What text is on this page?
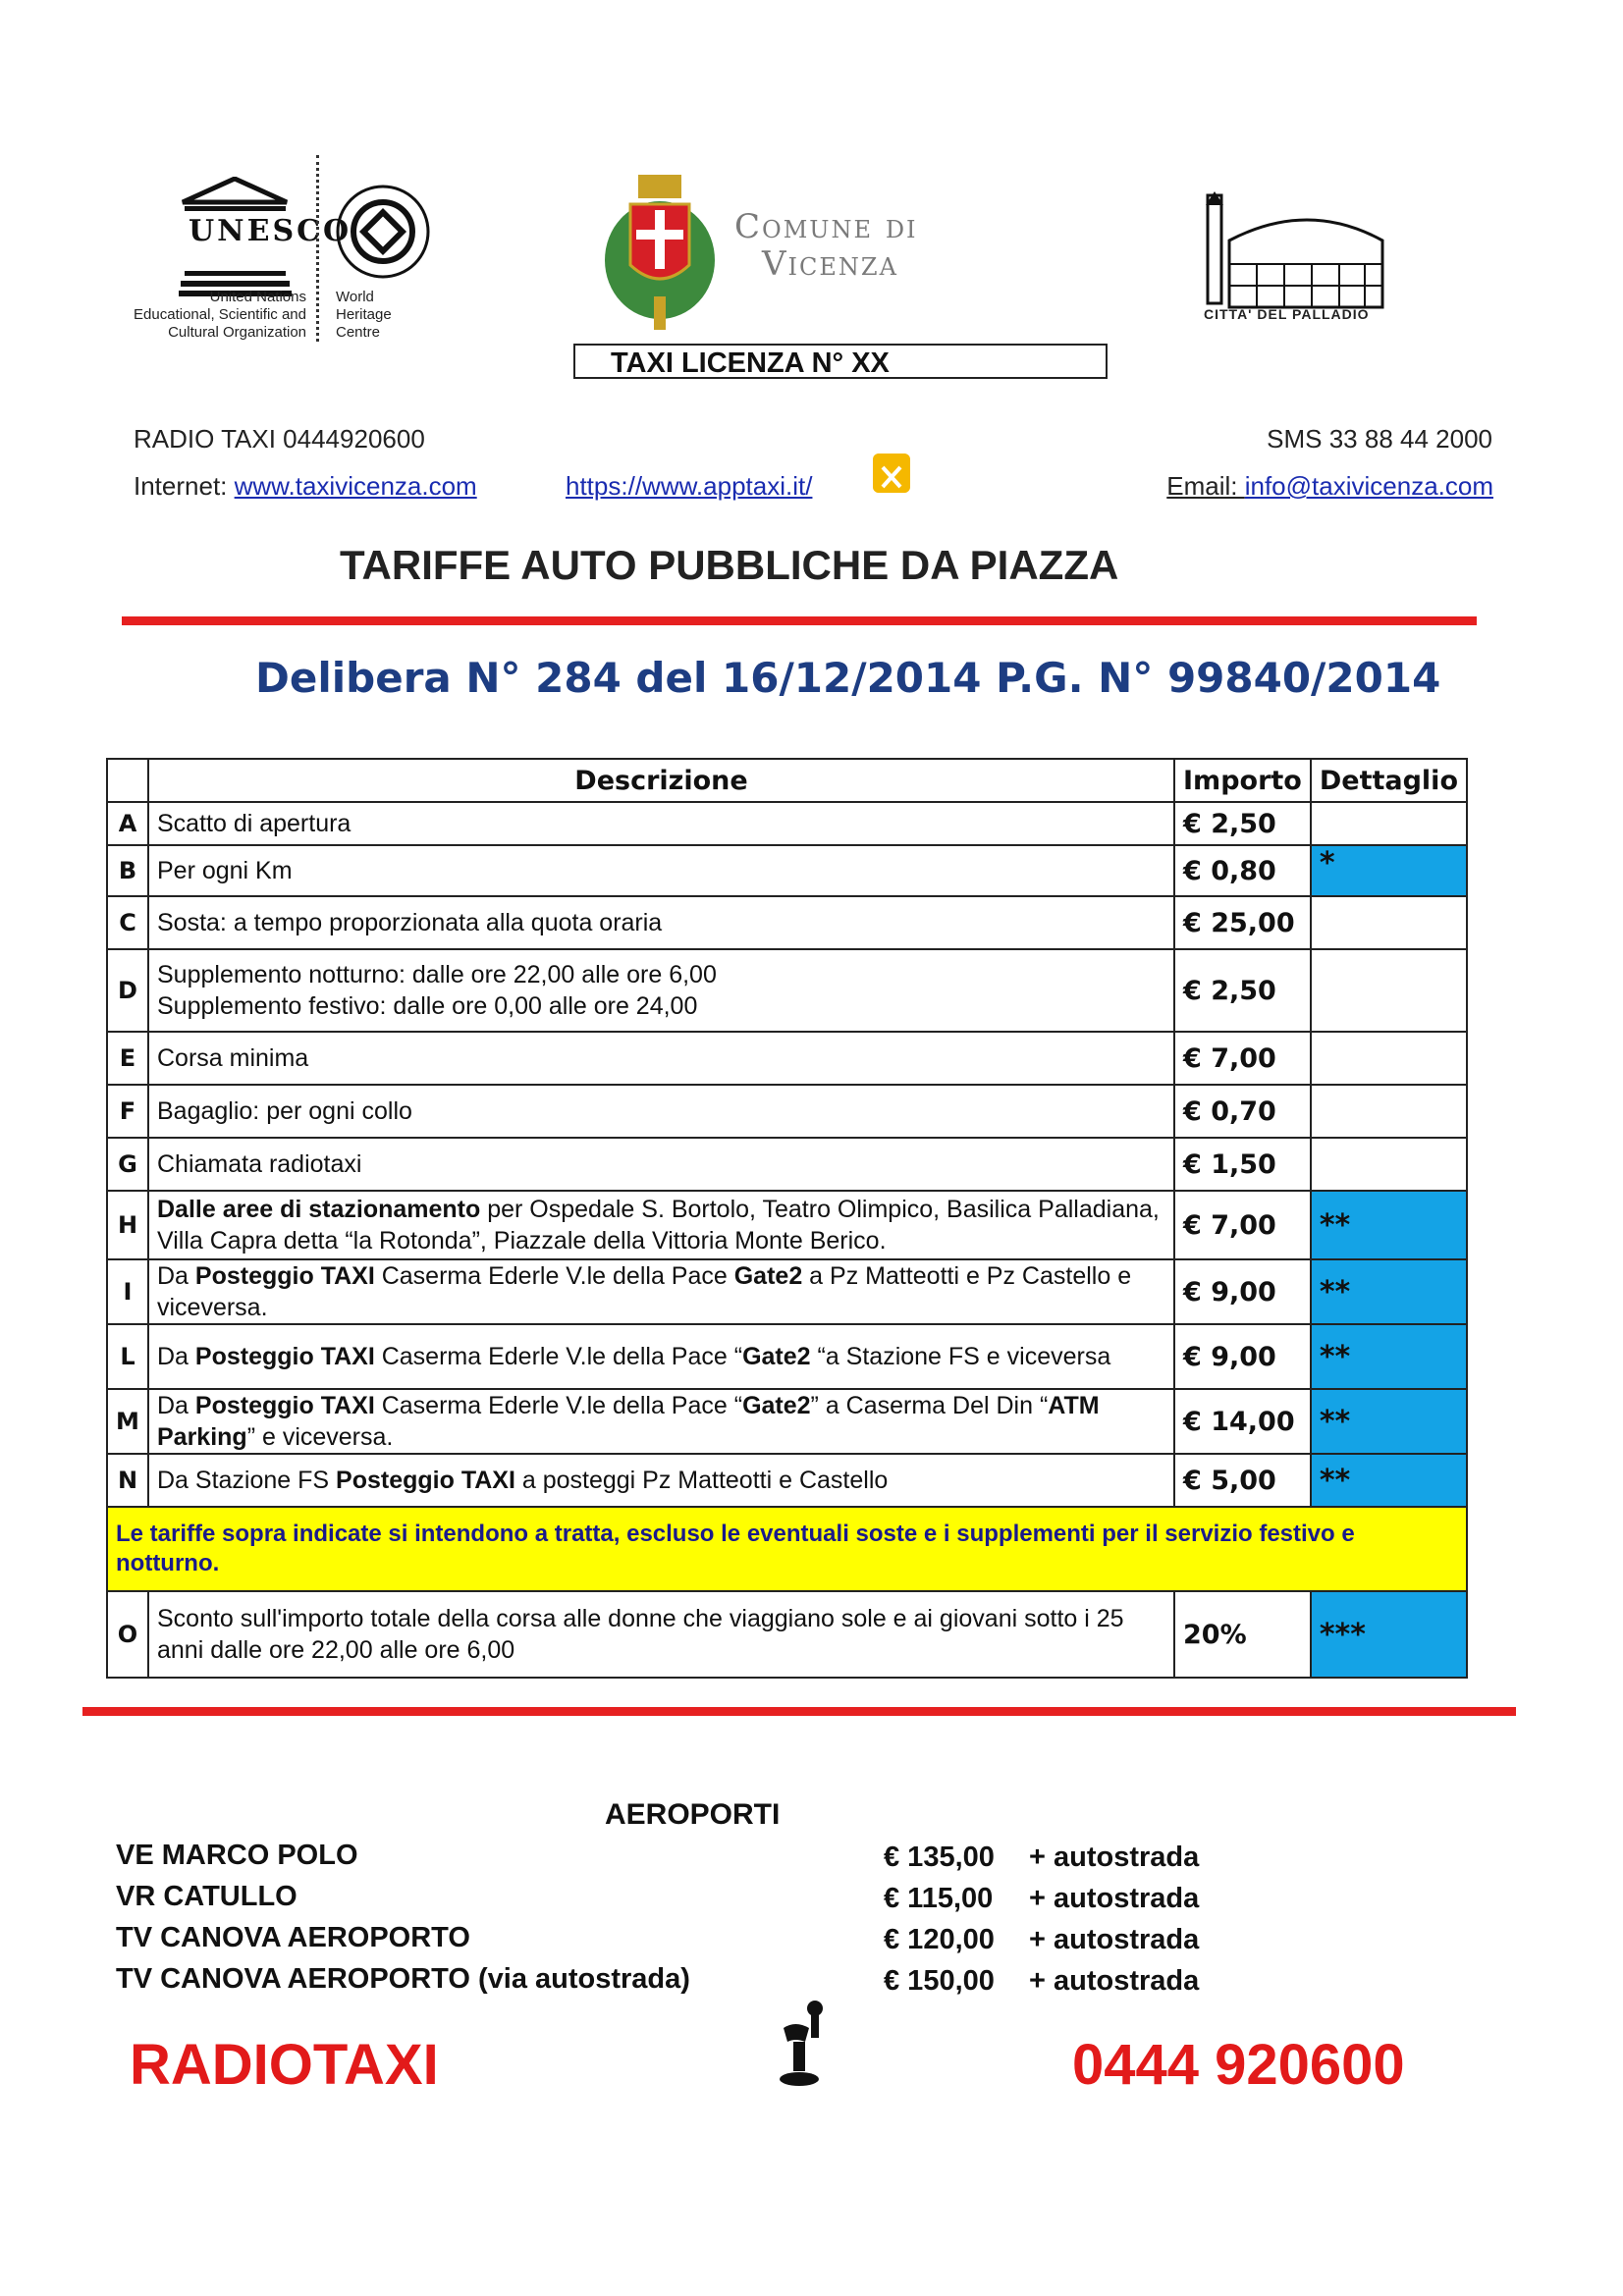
UNESCO
United Nations
Educational, Scientific and
Cultural Organization
World
Heritage
Centre
Comune di
Vicenza
CITTA' DEL PALLADIO
TAXI LICENZA N° XX
RADIO TAXI 0444920600	SMS 33 88 44 2000
Internet: www.taxivicenza.com	https://www.apptaxi.it/	Email: info@taxivicenza.com
TARIFFE AUTO PUBBLICHE DA PIAZZA
Delibera N° 284 del 16/12/2014 P.G. N° 99840/2014
	Descrizione	Importo	Dettaglio
A	Scatto di apertura	€ 2,50	
B	Per ogni Km	€ 0,80	*
C	Sosta: a tempo proporzionata alla quota oraria	€ 25,00	
D	Supplemento notturno: dalle ore 22,00 alle ore 6,00
Supplemento festivo: dalle ore 0,00 alle ore 24,00	€ 2,50	
E	Corsa minima	€ 7,00	
F	Bagaglio: per ogni collo	€ 0,70	
G	Chiamata radiotaxi	€ 1,50	
H	Dalle aree di stazionamento per Ospedale S. Bortolo, Teatro Olimpico, Basilica Palladiana, Villa Capra detta “la Rotonda”, Piazzale della Vittoria Monte Berico.	€ 7,00	**
I	Da Posteggio TAXI Caserma Ederle V.le della Pace Gate2 a Pz Matteotti e Pz Castello e viceversa.	€ 9,00	**
L	Da Posteggio TAXI Caserma Ederle V.le della Pace “Gate2 “a Stazione FS e viceversa	€ 9,00	**
M	Da Posteggio TAXI Caserma Ederle V.le della Pace “Gate2” a Caserma Del Din “ATM Parking” e viceversa.	€ 14,00	**
N	Da Stazione FS Posteggio TAXI a posteggi Pz Matteotti e Castello	€ 5,00	**
Le tariffe sopra indicate si intendono a tratta, escluso le eventuali soste e i supplementi per il servizio festivo e notturno.			
O	Sconto sull'importo totale della corsa alle donne che viaggiano sole e ai giovani sotto i 25 anni dalle ore 22,00 alle ore 6,00	20%	***
AEROPORTI
VE MARCO POLO	€ 135,00 + autostrada
VR CATULLO	€ 115,00 + autostrada
TV CANOVA AEROPORTO	€ 120,00 + autostrada
TV CANOVA AEROPORTO (via autostrada)	€ 150,00 + autostrada
RADIOTAXI	0444 920600
